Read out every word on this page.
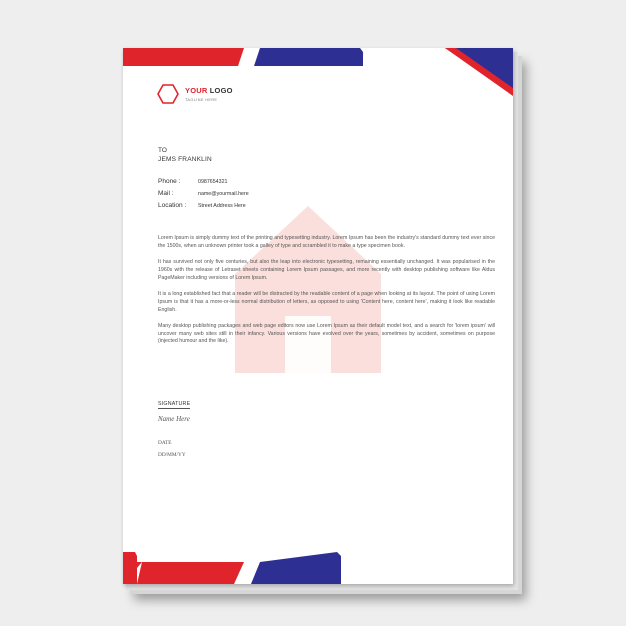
YOUR LOGO
TAGLINE HERE
TO
JEMS FRANKLIN
Phone :	0987654321
Mail :	name@yourmail.here
Location : Street Address Here

Lorem Ipsum is simply dummy text of the printing and typesetting industry. Lorem Ipsum has been the industry's standard dummy text ever since the 1500s, when an unknown printer took a galley of type and scrambled it to make a type specimen book.

It has survived not only five centuries, but also the leap into electronic typesetting, remaining essentially unchanged. It was popularised in the 1960s with the release of Letraset sheets containing Lorem Ipsum passages, and more recently with desktop publishing software like Aldus PageMaker including versions of Lorem Ipsum.

It is a long established fact that a reader will be distracted by the readable content of a page when looking at its layout. The point of using Lorem Ipsum is that it has a more-or-less normal distribution of letters, as opposed to using 'Content here, content here', making it look like readable English.

Many desktop publishing packages and web page editors now use Lorem Ipsum as their default model text, and a search for 'lorem ipsum' will uncover many web sites still in their infancy. Various versions have evolved over the years, sometimes by accident, sometimes on purpose (injected humour and the like).

SIGNATURE
Name Here
DATE
DD/MM/YY
